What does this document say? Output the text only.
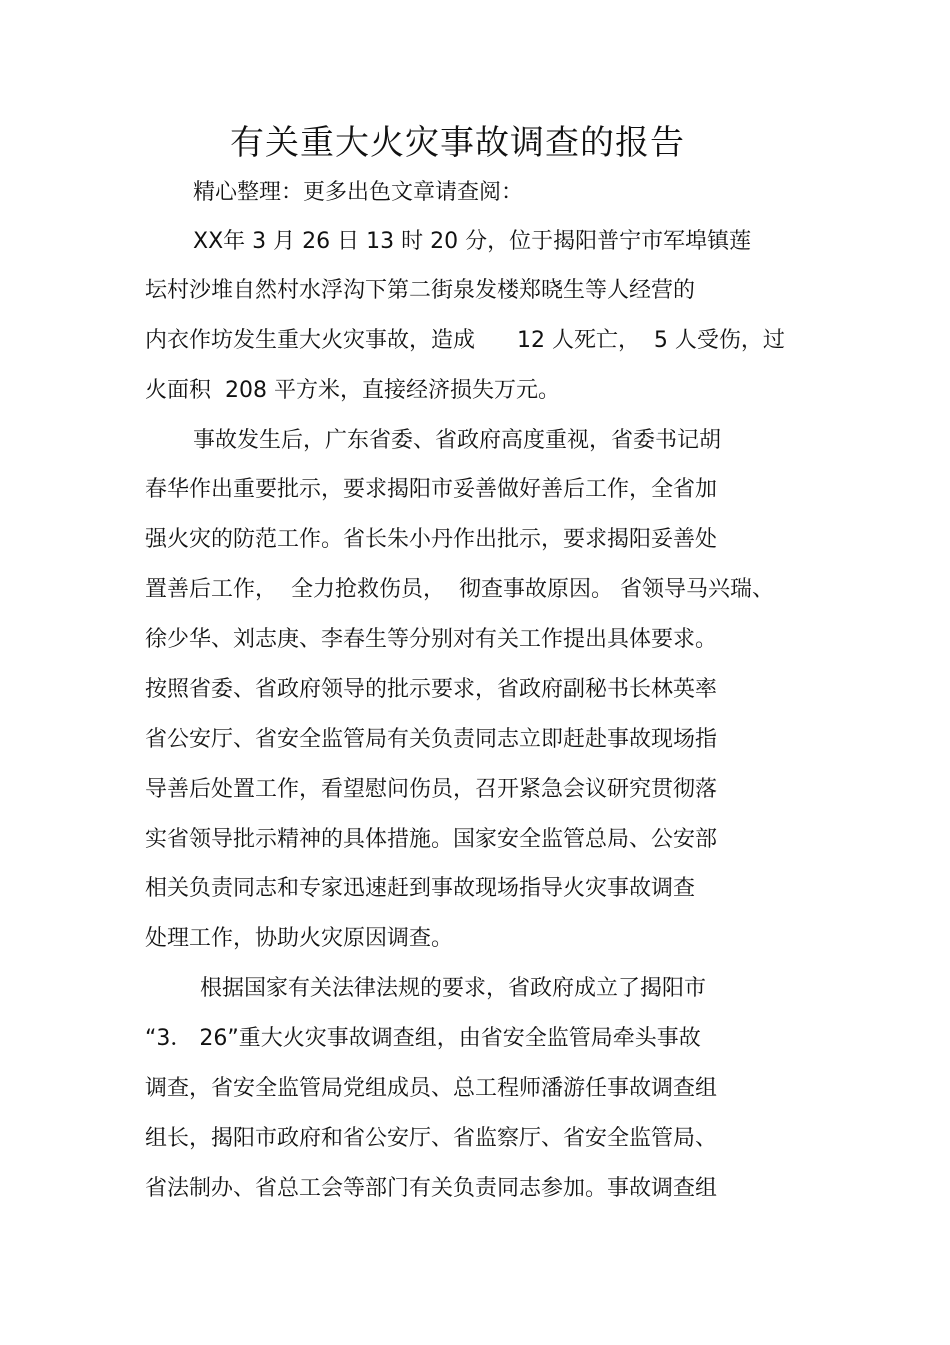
有关重大火灾事故调查的报告
精心整理：更多出色文章请查阅：
XX年 3 月 26 日 13 时 20 分，位于揭阳普宁市军埠镇莲
坛村沙堆自然村水浮沟下第二街泉发楼郑晓生等人经营的
内衣作坊发生重大火灾事故，造成      12 人死亡，  5 人受伤，过
火面积  208 平方米，直接经济损失万元。
事故发生后，广东省委、省政府高度重视，省委书记胡
春华作出重要批示，要求揭阳市妥善做好善后工作，全省加
强火灾的防范工作。省长朱小丹作出批示，要求揭阳妥善处
置善后工作，  全力抢救伤员，  彻查事故原因。 省领导马兴瑞、
徐少华、刘志庚、李春生等分别对有关工作提出具体要求。
按照省委、省政府领导的批示要求，省政府副秘书长林英率
省公安厅、省安全监管局有关负责同志立即赶赴事故现场指
导善后处置工作，看望慰问伤员，召开紧急会议研究贯彻落
实省领导批示精神的具体措施。国家安全监管总局、公安部
相关负责同志和专家迅速赶到事故现场指导火灾事故调查
处理工作，协助火灾原因调查。
根据国家有关法律法规的要求，省政府成立了揭阳市
“3． 26”重大火灾事故调查组，由省安全监管局牵头事故
调查，省安全监管局党组成员、总工程师潘游任事故调查组
组长，揭阳市政府和省公安厅、省监察厅、省安全监管局、
省法制办、省总工会等部门有关负责同志参加。事故调查组
